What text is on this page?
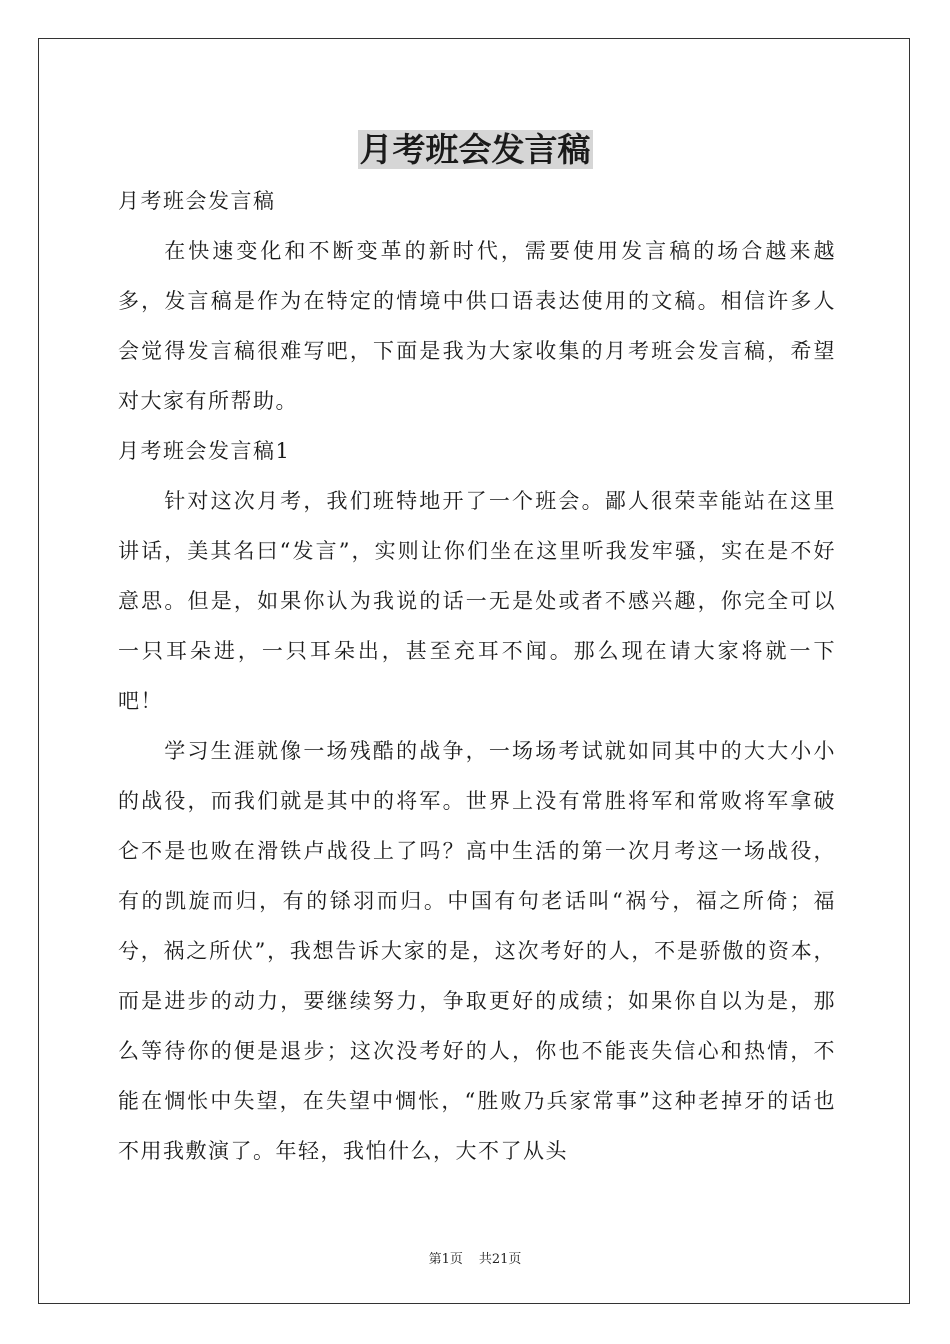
月考班会发言稿

月考班会发言稿

在快速变化和不断变革的新时代，需要使用发言稿的场合越来越多，发言稿是作为在特定的情境中供口语表达使用的文稿。相信许多人会觉得发言稿很难写吧，下面是我为大家收集的月考班会发言稿，希望对大家有所帮助。

月考班会发言稿1

针对这次月考，我们班特地开了一个班会。鄙人很荣幸能站在这里讲话，美其名曰“发言”，实则让你们坐在这里听我发牢骚，实在是不好意思。但是，如果你认为我说的话一无是处或者不感兴趣，你完全可以一只耳朵进，一只耳朵出，甚至充耳不闻。那么现在请大家将就一下吧！

学习生涯就像一场残酷的战争，一场场考试就如同其中的大大小小的战役，而我们就是其中的将军。世界上没有常胜将军和常败将军拿破仑不是也败在滑铁卢战役上了吗？高中生活的第一次月考这一场战役，有的凯旋而归，有的铩羽而归。中国有句老话叫“祸兮，福之所倚；福兮，祸之所伏”，我想告诉大家的是，这次考好的人，不是骄傲的资本，而是进步的动力，要继续努力，争取更好的成绩；如果你自以为是，那么等待你的便是退步；这次没考好的人，你也不能丧失信心和热情，不能在惆怅中失望，在失望中惆怅，“胜败乃兵家常事”这种老掉牙的话也不用我敷演了。年轻，我怕什么，大不了从头

第1页 共21页
